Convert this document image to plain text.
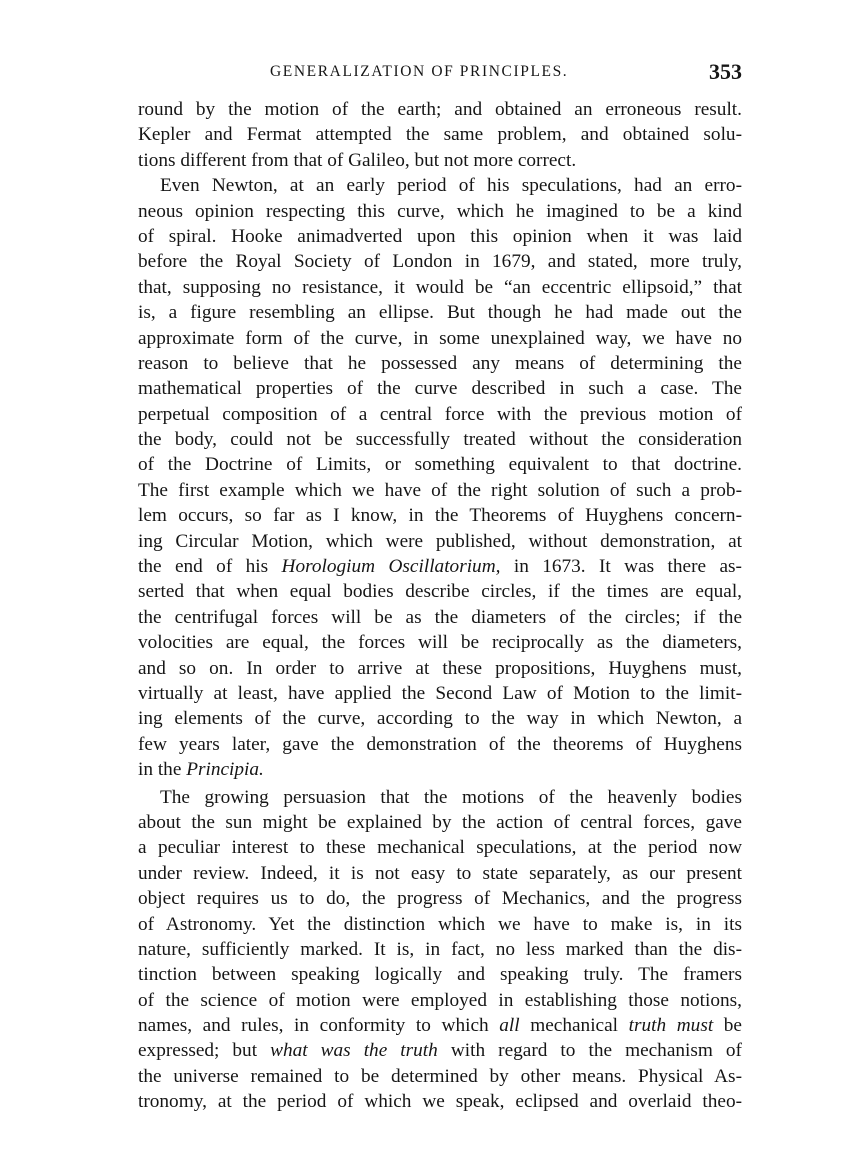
GENERALIZATION OF PRINCIPLES.	353
round by the motion of the earth; and obtained an erroneous result.
Kepler and Fermat attempted the same problem, and obtained solu-
tions different from that of Galileo, but not more correct.
Even Newton, at an early period of his speculations, had an erro-
neous opinion respecting this curve, which he imagined to be a kind
of spiral. Hooke animadverted upon this opinion when it was laid
before the Royal Society of London in 1679, and stated, more truly,
that, supposing no resistance, it would be “an eccentric ellipsoid,” that
is, a figure resembling an ellipse. But though he had made out the
approximate form of the curve, in some unexplained way, we have no
reason to believe that he possessed any means of determining the
mathematical properties of the curve described in such a case. The
perpetual composition of a central force with the previous motion of
the body, could not be successfully treated without the consideration
of the Doctrine of Limits, or something equivalent to that doctrine.
The first example which we have of the right solution of such a prob-
lem occurs, so far as I know, in the Theorems of Huyghens concern-
ing Circular Motion, which were published, without demonstration, at
the end of his Horologium Oscillatorium, in 1673. It was there as-
serted that when equal bodies describe circles, if the times are equal,
the centrifugal forces will be as the diameters of the circles; if the
volocities are equal, the forces will be reciprocally as the diameters,
and so on. In order to arrive at these propositions, Huyghens must,
virtually at least, have applied the Second Law of Motion to the limit-
ing elements of the curve, according to the way in which Newton, a
few years later, gave the demonstration of the theorems of Huyghens
in the Principia.
The growing persuasion that the motions of the heavenly bodies
about the sun might be explained by the action of central forces, gave
a peculiar interest to these mechanical speculations, at the period now
under review. Indeed, it is not easy to state separately, as our present
object requires us to do, the progress of Mechanics, and the progress
of Astronomy. Yet the distinction which we have to make is, in its
nature, sufficiently marked. It is, in fact, no less marked than the dis-
tinction between speaking logically and speaking truly. The framers
of the science of motion were employed in establishing those notions,
names, and rules, in conformity to which all mechanical truth must be
expressed; but what was the truth with regard to the mechanism of
the universe remained to be determined by other means. Physical As-
tronomy, at the period of which we speak, eclipsed and overlaid theo-
